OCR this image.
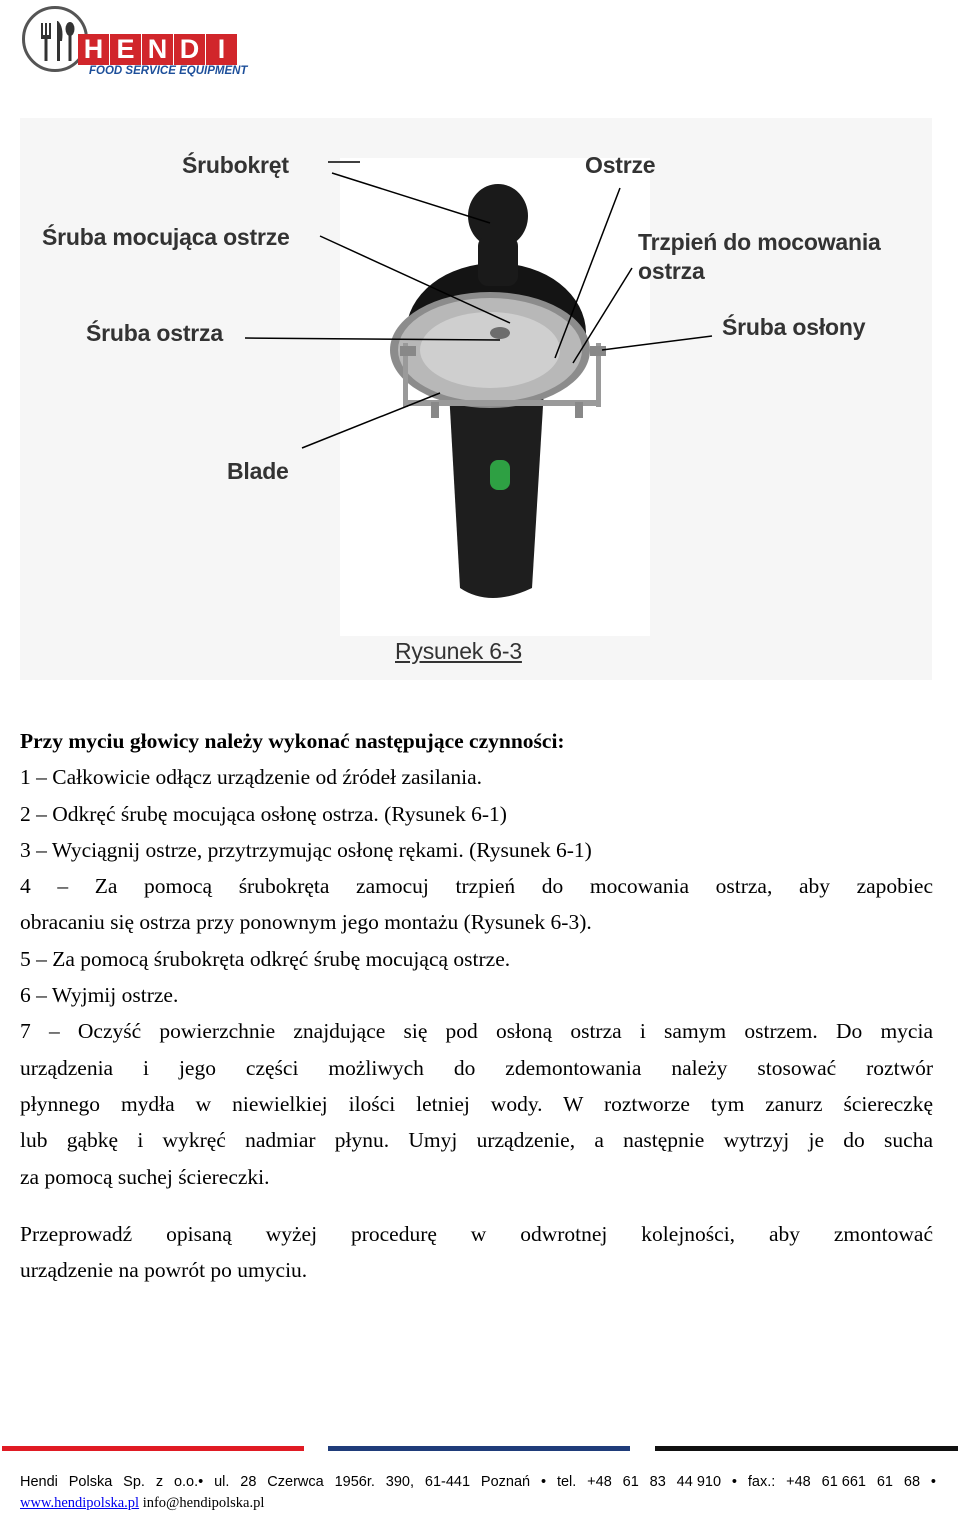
H E N D I
FOOD SERVICE EQUIPMENT
Śrubokręt	Ostrze
Śruba mocująca ostrze	Trzpień do mocowania
ostrza
Śruba ostrza	Śruba osłony
Blade
Rysunek 6-3

Przy myciu głowicy należy wykonać następujące czynności:

1 – Całkowicie odłącz urządzenie od źródeł zasilania.

2 – Odkręć śrubę mocująca osłonę ostrza. (Rysunek 6-1)

3 – Wyciągnij ostrze, przytrzymując osłonę rękami. (Rysunek 6-1)

4 – Za pomocą śrubokręta zamocuj trzpień do mocowania ostrza, aby zapobiec

obracaniu się ostrza przy ponownym jego montażu (Rysunek 6-3).

5 – Za pomocą śrubokręta odkręć śrubę mocującą ostrze.

6 – Wyjmij ostrze.

7 – Oczyść powierzchnie znajdujące się pod osłoną ostrza i samym ostrzem. Do mycia

urządzenia i jego części możliwych do zdemontowania należy stosować roztwór

płynnego mydła w niewielkiej ilości letniej wody. W roztworze tym zanurz ściereczkę

lub gąbkę i wykręć nadmiar płynu. Umyj urządzenie, a następnie wytrzyj je do sucha

za pomocą suchej ściereczki.

Przeprowadź opisaną wyżej procedurę w odwrotnej kolejności, aby zmontować

urządzenie na powrót po umyciu.

Hendi Polska Sp. z o.o.• ul. 28 Czerwca 1956r. 390, 61-441 Poznań • tel. +48 61 83 44 910 • fax.: +48 61 661 61 68 •
www.hendipolska.pl info@hendipolska.pl
